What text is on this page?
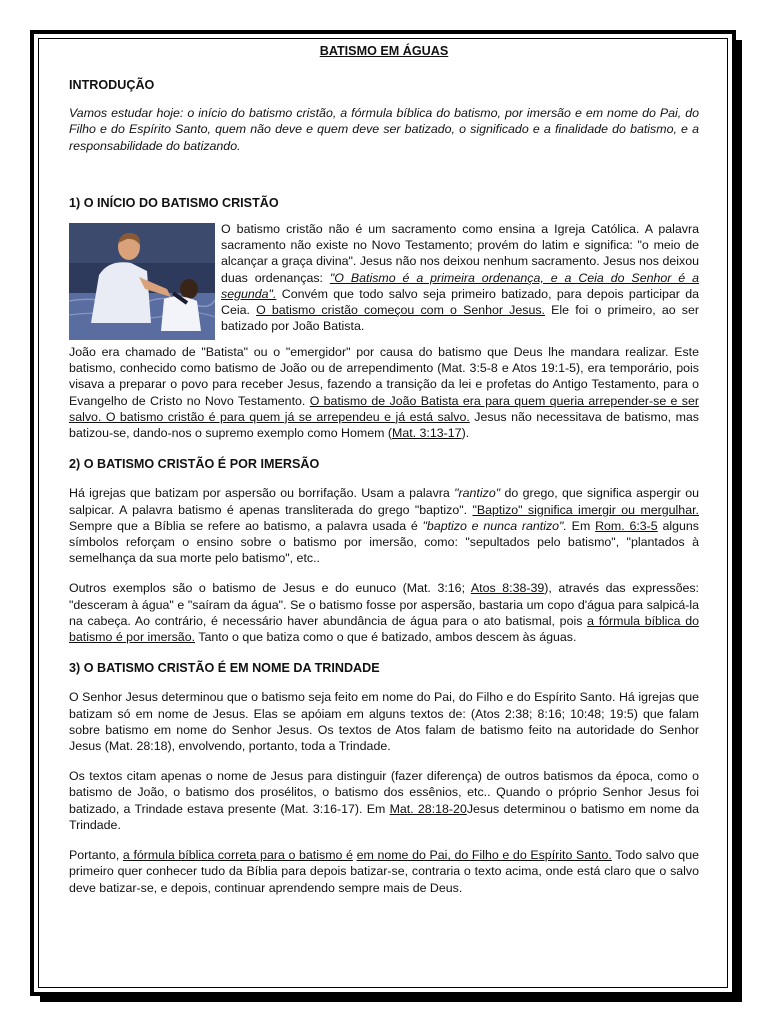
BATISMO EM ÁGUAS
INTRODUÇÃO

Vamos estudar hoje: o início do batismo cristão, a fórmula bíblica do batismo, por imersão e em nome do Pai, do Filho e do Espírito Santo, quem não deve e quem deve ser batizado, o significado e a finalidade do batismo, e a responsabilidade do batizando.

1) O INÍCIO DO BATISMO CRISTÃO

O batismo cristão não é um sacramento como ensina a Igreja Católica. A palavra sacramento não existe no Novo Testamento; provém do latim e significa: "o meio de alcançar a graça divina". Jesus não nos deixou nenhum sacramento. Jesus nos deixou duas ordenanças: "O Batismo é a primeira ordenança, e a Ceia do Senhor é a segunda". Convém que todo salvo seja primeiro batizado, para depois participar da Ceia. O batismo cristão começou com o Senhor Jesus. Ele foi o primeiro, ao ser batizado por João Batista.

João era chamado de "Batista" ou o "emergidor" por causa do batismo que Deus lhe mandara realizar. Este batismo, conhecido como batismo de João ou de arrependimento (Mat. 3:5-8 e Atos 19:1-5), era temporário, pois visava a preparar o povo para receber Jesus, fazendo a transição da lei e profetas do Antigo Testamento, para o Evangelho de Cristo no Novo Testamento. O batismo de João Batista era para quem queria arrepender-se e ser salvo. O batismo cristão é para quem já se arrependeu e já está salvo. Jesus não necessitava de batismo, mas batizou-se, dando-nos o supremo exemplo como Homem (Mat. 3:13-17).

2) O BATISMO CRISTÃO É POR IMERSÃO

Há igrejas que batizam por aspersão ou borrifação. Usam a palavra "rantizo" do grego, que significa aspergir ou salpicar. A palavra batismo é apenas transliterada do grego "baptizo". "Baptizo" significa imergir ou mergulhar. Sempre que a Bíblia se refere ao batismo, a palavra usada é "baptizo e nunca rantizo". Em Rom. 6:3-5 alguns símbolos reforçam o ensino sobre o batismo por imersão, como: "sepultados pelo batismo", "plantados à semelhança da sua morte pelo batismo", etc..

Outros exemplos são o batismo de Jesus e do eunuco (Mat. 3:16; Atos 8:38-39), através das expressões: "desceram à água" e "saíram da água". Se o batismo fosse por aspersão, bastaria um copo d'água para salpicá-la na cabeça. Ao contrário, é necessário haver abundância de água para o ato batismal, pois a fórmula bíblica do batismo é por imersão. Tanto o que batiza como o que é batizado, ambos descem às águas.

3) O BATISMO CRISTÃO É EM NOME DA TRINDADE

O Senhor Jesus determinou que o batismo seja feito em nome do Pai, do Filho e do Espírito Santo. Há igrejas que batizam só em nome de Jesus. Elas se apóiam em alguns textos de: (Atos 2:38; 8:16; 10:48; 19:5) que falam sobre batismo em nome do Senhor Jesus. Os textos de Atos falam de batismo feito na autoridade do Senhor Jesus (Mat. 28:18), envolvendo, portanto, toda a Trindade.

Os textos citam apenas o nome de Jesus para distinguir (fazer diferença) de outros batismos da época, como o batismo de João, o batismo dos prosélitos, o batismo dos essênios, etc.. Quando o próprio Senhor Jesus foi batizado, a Trindade estava presente (Mat. 3:16-17). Em Mat. 28:18-20Jesus determinou o batismo em nome da Trindade.

Portanto, a fórmula bíblica correta para o batismo é em nome do Pai, do Filho e do Espírito Santo. Todo salvo que primeiro quer conhecer tudo da Bíblia para depois batizar-se, contraria o texto acima, onde está claro que o salvo deve batizar-se, e depois, continuar aprendendo sempre mais de Deus.
